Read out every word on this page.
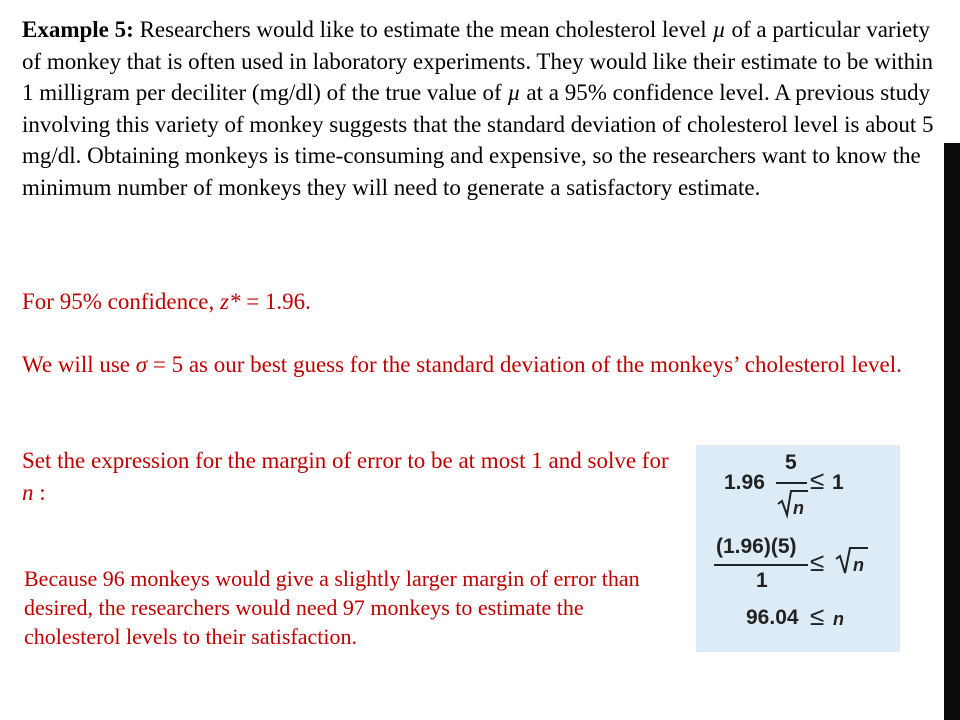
Example 5: Researchers would like to estimate the mean cholesterol level µ of a particular variety of monkey that is often used in laboratory experiments. They would like their estimate to be within 1 milligram per deciliter (mg/dl) of the true value of µ at a 95% confidence level. A previous study involving this variety of monkey suggests that the standard deviation of cholesterol level is about 5 mg/dl. Obtaining monkeys is time-consuming and expensive, so the researchers want to know the minimum number of monkeys they will need to generate a satisfactory estimate.

For 95% confidence, z* = 1.96.

We will use σ = 5 as our best guess for the standard deviation of the monkeys’ cholesterol level.

Set the expression for the margin of error to be at most 1 and solve for n :

Because 96 monkeys would give a slightly larger margin of error than desired, the researchers would need 97 monkeys to estimate the cholesterol levels to their satisfaction.

1.96
5
n
≤ 1
(1.96)(5)
1
≤ n
96.04 ≤ n
